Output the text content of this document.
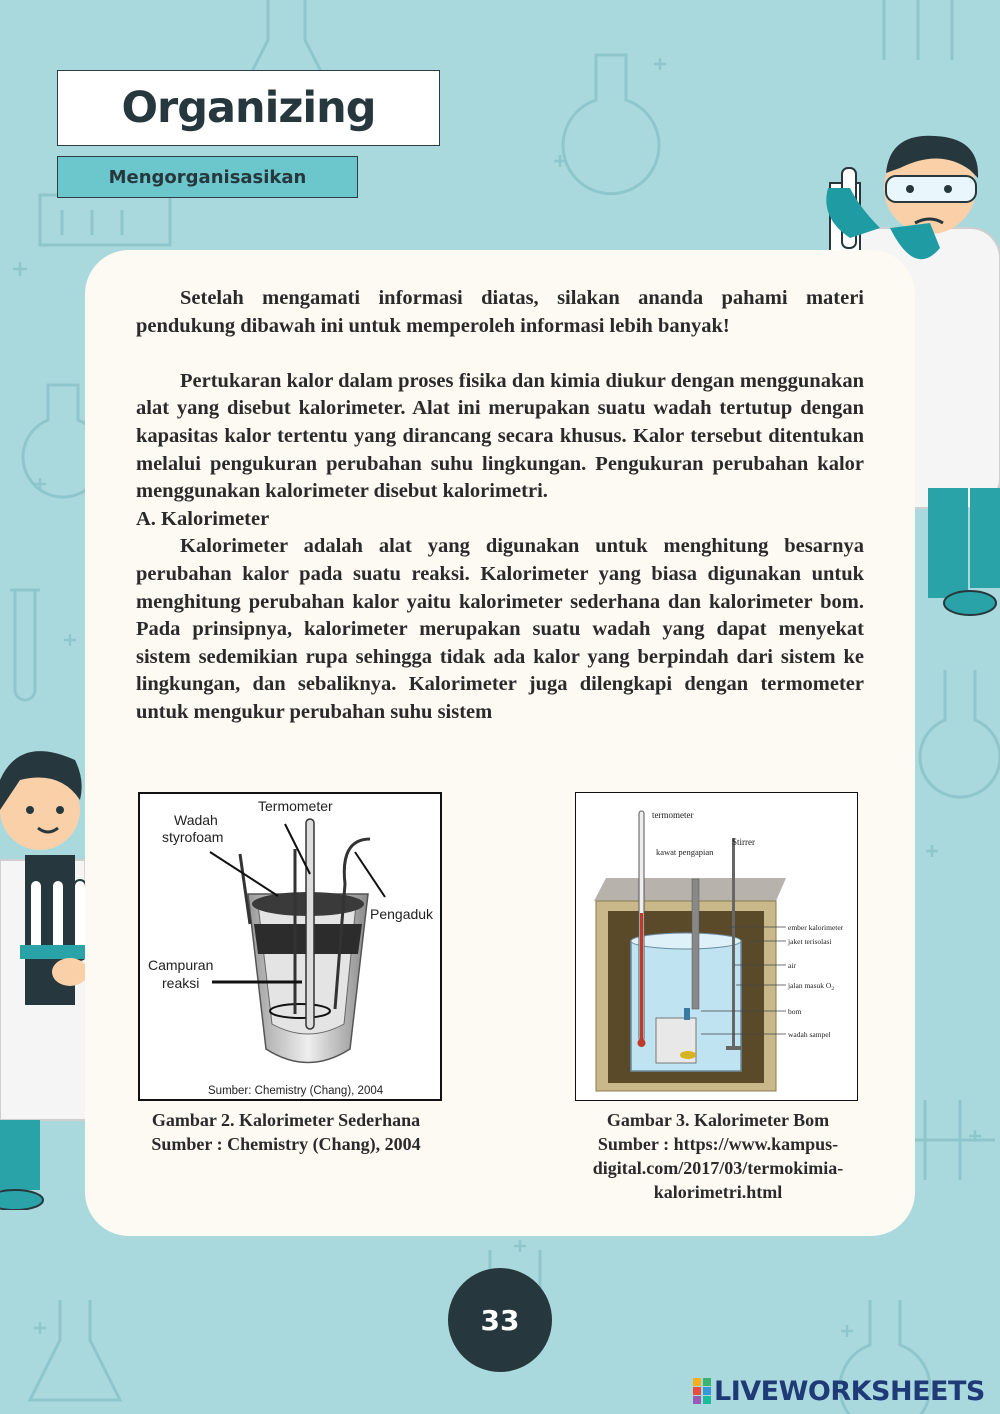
Organizing
Mengorganisasikan

Setelah mengamati informasi diatas, silakan ananda pahami materi pendukung dibawah ini untuk memperoleh informasi lebih banyak!

Pertukaran kalor dalam proses fisika dan kimia diukur dengan menggunakan alat yang disebut kalorimeter. Alat ini merupakan suatu wadah tertutup dengan kapasitas kalor tertentu yang dirancang secara khusus. Kalor tersebut ditentukan melalui pengukuran perubahan suhu lingkungan. Pengukuran perubahan kalor menggunakan kalorimeter disebut kalorimetri.

A. Kalorimeter

Kalorimeter adalah alat yang digunakan untuk menghitung besarnya perubahan kalor pada suatu reaksi. Kalorimeter yang biasa digunakan untuk menghitung perubahan kalor yaitu kalorimeter sederhana dan kalorimeter bom. Pada prinsipnya, kalorimeter merupakan suatu wadah yang dapat menyekat sistem sedemikian rupa sehingga tidak ada kalor yang berpindah dari sistem ke lingkungan, dan sebaliknya. Kalorimeter juga dilengkapi dengan termometer untuk mengukur perubahan suhu sistem

Termometer
Wadah
styrofoam
Pengaduk
Campuran
reaksi
Sumber: Chemistry (Chang), 2004
Gambar 2. Kalorimeter Sederhana
Sumber : Chemistry (Chang), 2004
termometer
kawat pengapian
Stirrer
ember kalorimeter
jaket terisolasi
air
jalan masuk $O_2$
bom
wadah sampel
Gambar 3. Kalorimeter Bom
Sumber : https://www.kampus-
digital.com/2017/03/termokimia-
kalorimetri.html
33
LIVEWORKSHEETS
